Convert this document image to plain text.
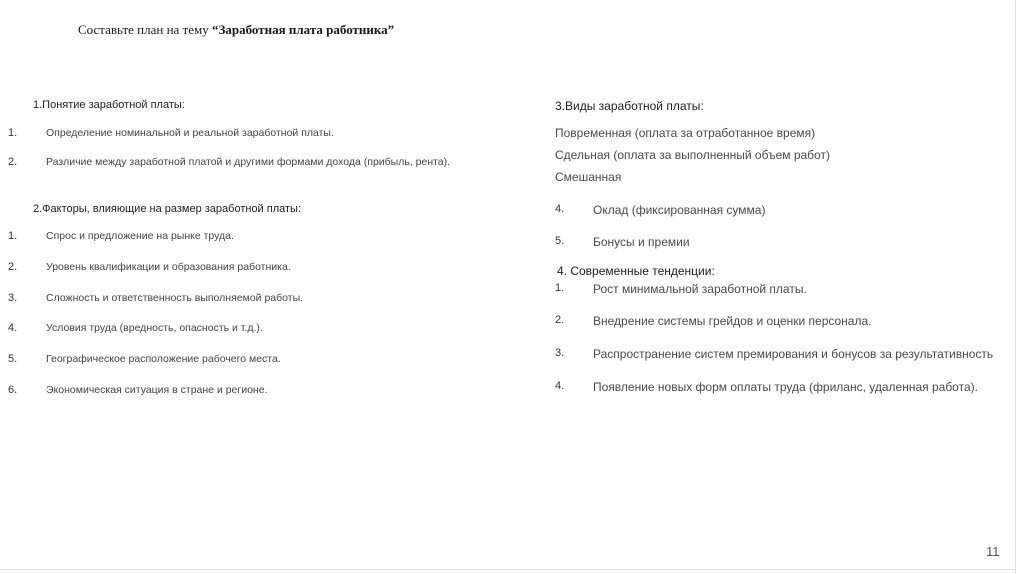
Составьте план на тему “Заработная плата работника”
1.Понятие заработной платы:
1.	Определение номинальной и реальной заработной платы.
2.	Различие между заработной платой и другими формами дохода (прибыль, рента).
2.Факторы, влияющие на размер заработной платы:
1.	Спрос и предложение на рынке труда.
2.	Уровень квалификации и образования работника.
3.	Сложность и ответственность выполняемой работы.
4.	Условия труда (вредность, опасность и т.д.).
5.	Географическое расположение рабочего места.
6.	Экономическая ситуация в стране и регионе.
3.Виды заработной платы:
Повременная (оплата за отработанное время)
Сдельная (оплата за выполненный объем работ)
Смешанная
4. Оклад (фиксированная сумма)
5. Бонусы и премии
4. Современные тенденции:
1. Рост минимальной заработной платы.
2. Внедрение системы грейдов и оценки персонала.
3. Распространение систем премирования и бонусов за результативность
4. Появление новых форм оплаты труда (фриланс, удаленная работа).
11
